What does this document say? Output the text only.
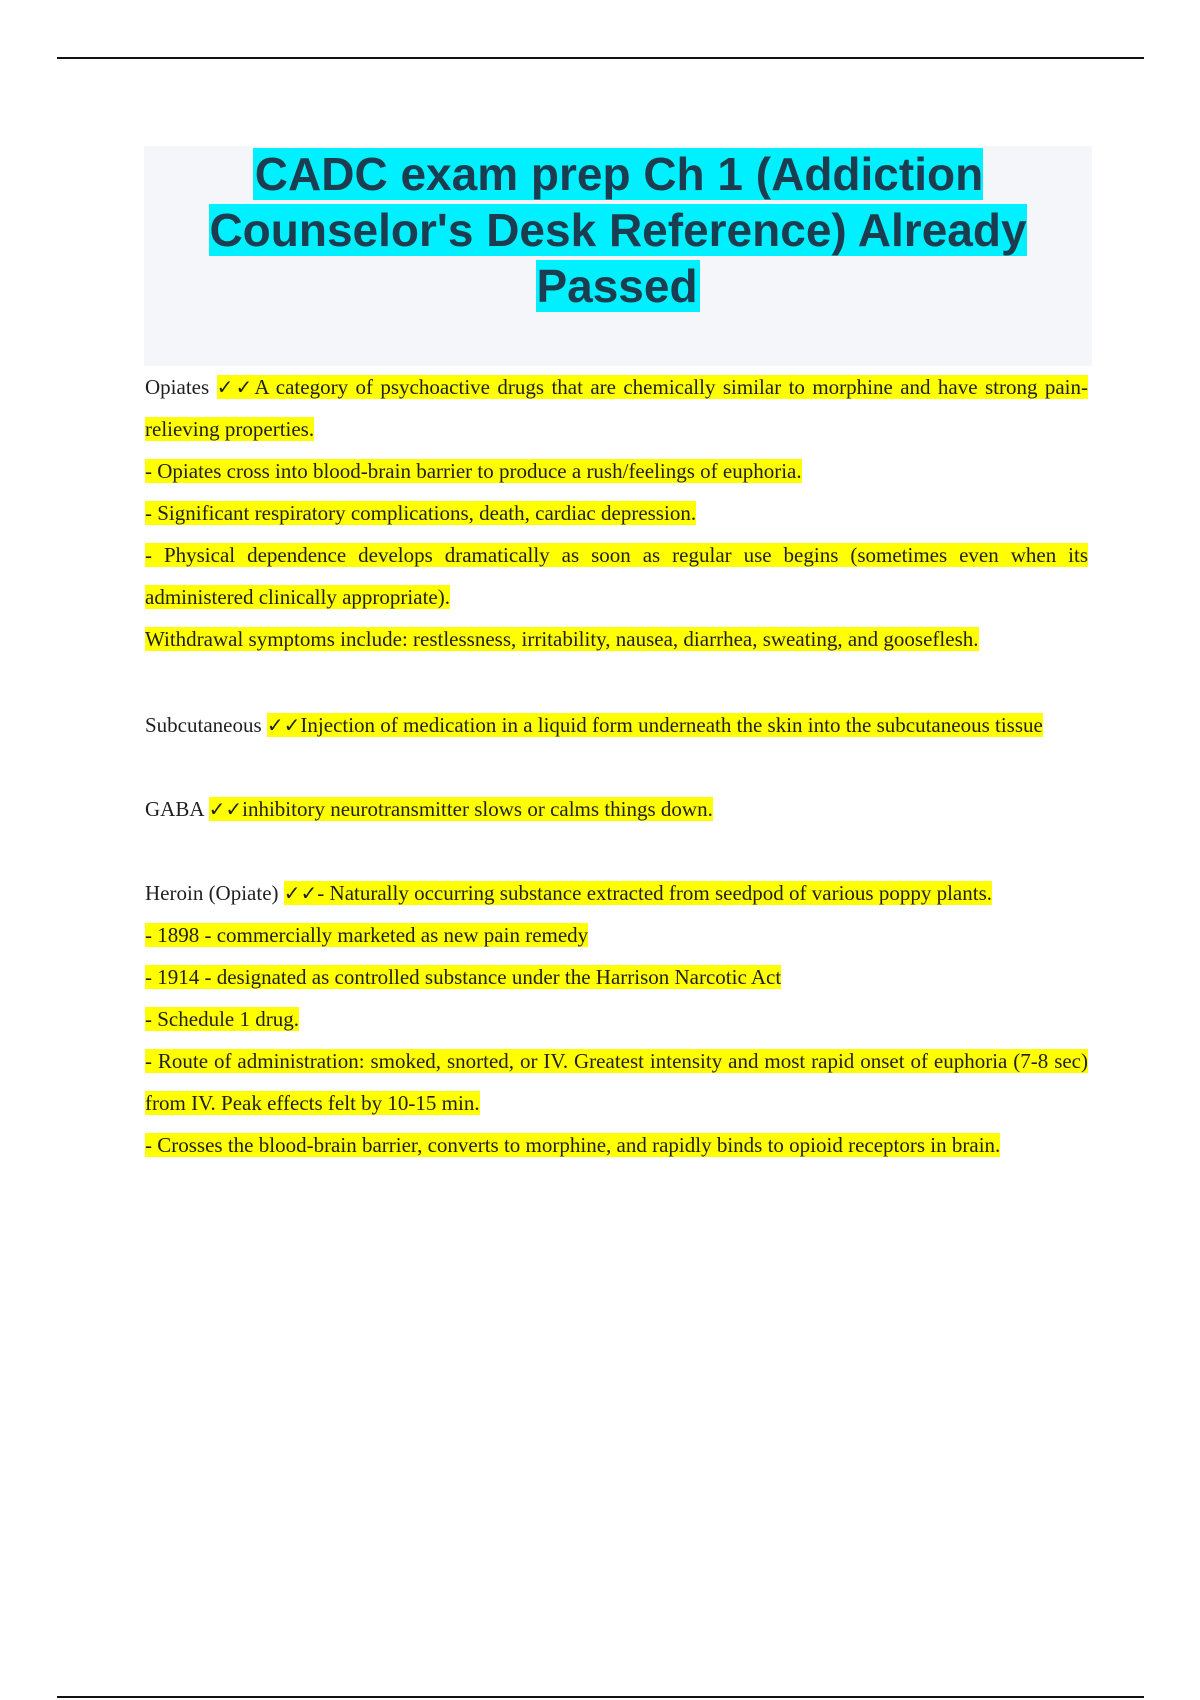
CADC exam prep Ch 1 (Addiction Counselor's Desk Reference) Already Passed

Opiates ✓✓A category of psychoactive drugs that are chemically similar to morphine and have strong pain-relieving properties.

- Opiates cross into blood-brain barrier to produce a rush/feelings of euphoria.

- Significant respiratory complications, death, cardiac depression.

- Physical dependence develops dramatically as soon as regular use begins (sometimes even when its administered clinically appropriate).

Withdrawal symptoms include: restlessness, irritability, nausea, diarrhea, sweating, and gooseflesh.

Subcutaneous ✓✓Injection of medication in a liquid form underneath the skin into the subcutaneous tissue

GABA ✓✓inhibitory neurotransmitter slows or calms things down.

Heroin (Opiate) ✓✓- Naturally occurring substance extracted from seedpod of various poppy plants.

- 1898 - commercially marketed as new pain remedy

- 1914 - designated as controlled substance under the Harrison Narcotic Act

- Schedule 1 drug.

- Route of administration: smoked, snorted, or IV. Greatest intensity and most rapid onset of euphoria (7-8 sec) from IV. Peak effects felt by 10-15 min.

- Crosses the blood-brain barrier, converts to morphine, and rapidly binds to opioid receptors in brain.
